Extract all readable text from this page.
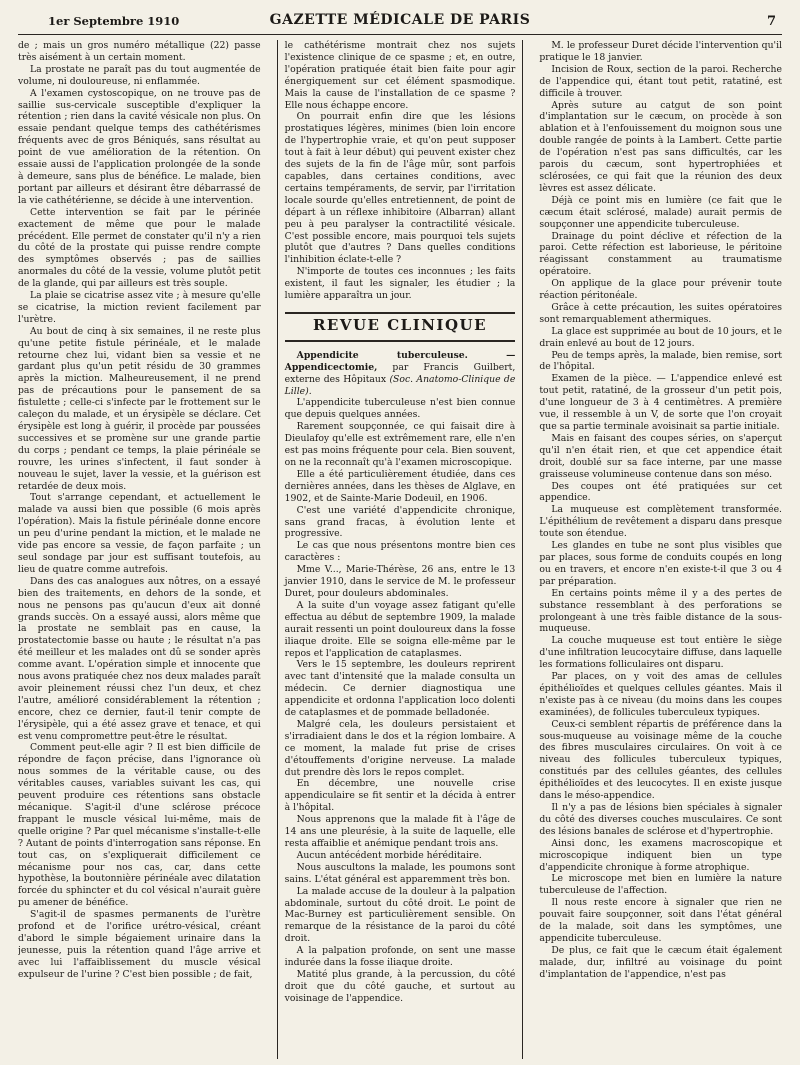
1er Septembre 1910	GAZETTE MÉDICALE DE PARIS	7

de ; mais un gros numéro métallique (22) passe très aisément à un certain moment.

La prostate ne paraît pas du tout augmentée de volume, ni douloureuse, ni enflammée.

A l'examen cystoscopique, on ne trouve pas de saillie sus-cervicale susceptible d'expliquer la rétention ; rien dans la cavité vésicale non plus. On essaie pendant quelque temps des cathétérismes fréquents avec de gros Béniqués, sans résultat au point de vue amélioration de la rétention. On essaie aussi de l'application prolongée de la sonde à demeure, sans plus de bénéfice. Le malade, bien portant par ailleurs et désirant être débarrassé de la vie cathétérienne, se décide à une intervention.

Cette intervention se fait par le périnée exactement de même que pour le malade précédent. Elle permet de constater qu'il n'y a rien du côté de la prostate qui puisse rendre compte des symptômes observés ; pas de saillies anormales du côté de la vessie, volume plutôt petit de la glande, qui par ailleurs est très souple.

La plaie se cicatrise assez vite ; à mesure qu'elle se cicatrise, la miction revient facilement par l'urètre.

Au bout de cinq à six semaines, il ne reste plus qu'une petite fistule périnéale, et le malade retourne chez lui, vidant bien sa vessie et ne gardant plus qu'un petit résidu de 30 grammes après la miction. Malheureusement, il ne prend pas de précautions pour le pansement de sa fistulette ; celle-ci s'infecte par le frottement sur le caleçon du malade, et un érysipèle se déclare. Cet érysipèle est long à guérir, il procède par poussées successives et se promène sur une grande partie du corps ; pendant ce temps, la plaie périnéale se rouvre, les urines s'infectent, il faut sonder à nouveau le sujet, laver la vessie, et la guérison est retardée de deux mois.

Tout s'arrange cependant, et actuellement le malade va aussi bien que possible (6 mois après l'opération). Mais la fistule périnéale donne encore un peu d'urine pendant la miction, et le malade ne vide pas encore sa vessie, de façon parfaite ; un seul sondage par jour est suffisant toutefois, au lieu de quatre comme autrefois.

Dans des cas analogues aux nôtres, on a essayé bien des traitements, en dehors de la sonde, et nous ne pensons pas qu'aucun d'eux ait donné grands succès. On a essayé aussi, alors même que la prostate ne semblait pas en cause, la prostatectomie basse ou haute ; le résultat n'a pas été meilleur et les malades ont dû se sonder après comme avant. L'opération simple et innocente que nous avons pratiquée chez nos deux malades paraît avoir pleinement réussi chez l'un deux, et chez l'autre, amélioré considérablement la rétention ; encore, chez ce dernier, faut-il tenir compte de l'érysipèle, qui a été assez grave et tenace, et qui est venu compromettre peut-être le résultat.

Comment peut-elle agir ? Il est bien difficile de répondre de façon précise, dans l'ignorance où nous sommes de la véritable cause, ou des véritables causes, variables suivant les cas, qui peuvent produire ces rétentions sans obstacle mécanique. S'agit-il d'une sclérose précoce frappant le muscle vésical lui-même, mais de quelle origine ? Par quel mécanisme s'installe-t-elle ? Autant de points d'interrogation sans réponse. En tout cas, on s'expliquerait difficilement ce mécanisme pour nos cas, car, dans cette hypothèse, la boutonnière périnéale avec dilatation forcée du sphincter et du col vésical n'aurait guère pu amener de bénéfice.

S'agit-il de spasmes permanents de l'urètre profond et de l'orifice urétro-vésical, créant d'abord le simple bégaiement urinaire dans la jeunesse, puis la rétention quand l'âge arrive et avec lui l'affaiblissement du muscle vésical expulseur de l'urine ? C'est bien possible ; de fait,

le cathétérisme montrait chez nos sujets l'existence clinique de ce spasme ; et, en outre, l'opération pratiquée était bien faite pour agir énergiquement sur cet élément spasmodique. Mais la cause de l'installation de ce spasme ? Elle nous échappe encore.

On pourrait enfin dire que les lésions prostatiques légères, minimes (bien loin encore de l'hypertrophie vraie, et qu'on peut supposer tout à fait à leur début) qui peuvent exister chez des sujets de la fin de l'âge mûr, sont parfois capables, dans certaines conditions, avec certains tempéraments, de servir, par l'irritation locale sourde qu'elles entretiennent, de point de départ à un réflexe inhibitoire (Albarran) allant peu à peu paralyser la contractilité vésicale. C'est possible encore, mais pourquoi tels sujets plutôt que d'autres ? Dans quelles conditions l'inhibition éclate-t-elle ?

N'importe de toutes ces inconnues ; les faits existent, il faut les signaler, les étudier ; la lumière apparaîtra un jour.

REVUE CLINIQUE

Appendicite tuberculeuse. — Appendicectomie, par Francis Guilbert, externe des Hôpitaux (Soc. Anatomo-Clinique de Lille).

L'appendicite tuberculeuse n'est bien connue que depuis quelques années.

Rarement soupçonnée, ce qui faisait dire à Dieulafoy qu'elle est extrêmement rare, elle n'en est pas moins fréquente pour cela. Bien souvent, on ne la reconnaît qu'à l'examen microscopique.

Elle a été particulièrement étudiée, dans ces dernières années, dans les thèses de Alglave, en 1902, et de Sainte-Marie Dodeuil, en 1906.

C'est une variété d'appendicite chronique, sans grand fracas, à évolution lente et progressive.

Le cas que nous présentons montre bien ces caractères :

Mme V..., Marie-Thérèse, 26 ans, entre le 13 janvier 1910, dans le service de M. le professeur Duret, pour douleurs abdominales.

A la suite d'un voyage assez fatigant qu'elle effectua au début de septembre 1909, la malade aurait ressenti un point douloureux dans la fosse iliaque droite. Elle se soigna elle-même par le repos et l'application de cataplasmes.

Vers le 15 septembre, les douleurs reprirent avec tant d'intensité que la malade consulta un médecin. Ce dernier diagnostiqua une appendicite et ordonna l'application loco dolenti de cataplasmes et de pommade belladonée.

Malgré cela, les douleurs persistaient et s'irradiaient dans le dos et la région lombaire. A ce moment, la malade fut prise de crises d'étouffements d'origine nerveuse. La malade dut prendre dès lors le repos complet.

En décembre, une nouvelle crise appendiculaire se fit sentir et la décida à entrer à l'hôpital.

Nous apprenons que la malade fit à l'âge de 14 ans une pleurésie, à la suite de laquelle, elle resta affaiblie et anémique pendant trois ans.

Aucun antécédent morbide héréditaire.

Nous auscultons la malade, les poumons sont sains. L'état général est apparemment très bon.

La malade accuse de la douleur à la palpation abdominale, surtout du côté droit. Le point de Mac-Burney est particulièrement sensible. On remarque de la résistance de la paroi du côté droit.

A la palpation profonde, on sent une masse indurée dans la fosse iliaque droite.

Matité plus grande, à la percussion, du côté droit que du côté gauche, et surtout au voisinage de l'appendice.

M. le professeur Duret décide l'intervention qu'il pratique le 18 janvier.

Incision de Roux, section de la paroi. Recherche de l'appendice qui, étant tout petit, ratatiné, est difficile à trouver.

Après suture au catgut de son point d'implantation sur le cæcum, on procède à son ablation et à l'enfouissement du moignon sous une double rangée de points à la Lambert. Cette partie de l'opération n'est pas sans difficultés, car les parois du cæcum, sont hypertrophiées et sclérosées, ce qui fait que la réunion des deux lèvres est assez délicate.

Déjà ce point mis en lumière (ce fait que le cæcum était sclérosé, malade) aurait permis de soupçonner une appendicite tuberculeuse.

Drainage du point déclive et réfection de la paroi. Cette réfection est laborieuse, le péritoine réagissant constamment au traumatisme opératoire.

On applique de la glace pour prévenir toute réaction péritonéale.

Grâce à cette précaution, les suites opératoires sont remarquablement athermiques.

La glace est supprimée au bout de 10 jours, et le drain enlevé au bout de 12 jours.

Peu de temps après, la malade, bien remise, sort de l'hôpital.

Examen de la pièce. — L'appendice enlevé est tout petit, ratatiné, de la grosseur d'un petit pois, d'une longueur de 3 à 4 centimètres. A première vue, il ressemble à un V, de sorte que l'on croyait que sa partie terminale avoisinait sa partie initiale.

Mais en faisant des coupes séries, on s'aperçut qu'il n'en était rien, et que cet appendice était droit, doublé sur sa face interne, par une masse graisseuse volumineuse contenue dans son méso.

Des coupes ont été pratiquées sur cet appendice.

La muqueuse est complètement transformée. L'épithélium de revêtement a disparu dans presque toute son étendue.

Les glandes en tube ne sont plus visibles que par places, sous forme de conduits coupés en long ou en travers, et encore n'en existe-t-il que 3 ou 4 par préparation.

En certains points même il y a des pertes de substance ressemblant à des perforations se prolongeant à une très faible distance de la sous-muqueuse.

La couche muqueuse est tout entière le siège d'une infiltration leucocytaire diffuse, dans laquelle les formations folliculaires ont disparu.

Par places, on y voit des amas de cellules épithélioïdes et quelques cellules géantes. Mais il n'existe pas à ce niveau (du moins dans les coupes examinées), de follicules tuberculeux typiques.

Ceux-ci semblent répartis de préférence dans la sous-muqueuse au voisinage même de la couche des fibres musculaires circulaires. On voit à ce niveau des follicules tuberculeux typiques, constitués par des cellules géantes, des cellules épithélioïdes et des leucocytes. Il en existe jusque dans le méso-appendice.

Il n'y a pas de lésions bien spéciales à signaler du côté des diverses couches musculaires. Ce sont des lésions banales de sclérose et d'hypertrophie.

Ainsi donc, les examens macroscopique et microscopique indiquent bien un type d'appendicite chronique à forme atrophique.

Le microscope met bien en lumière la nature tuberculeuse de l'affection.

Il nous reste encore à signaler que rien ne pouvait faire soupçonner, soit dans l'état général de la malade, soit dans les symptômes, une appendicite tuberculeuse.

De plus, ce fait que le cæcum était également malade, dur, infiltré au voisinage du point d'implantation de l'appendice, n'est pas
